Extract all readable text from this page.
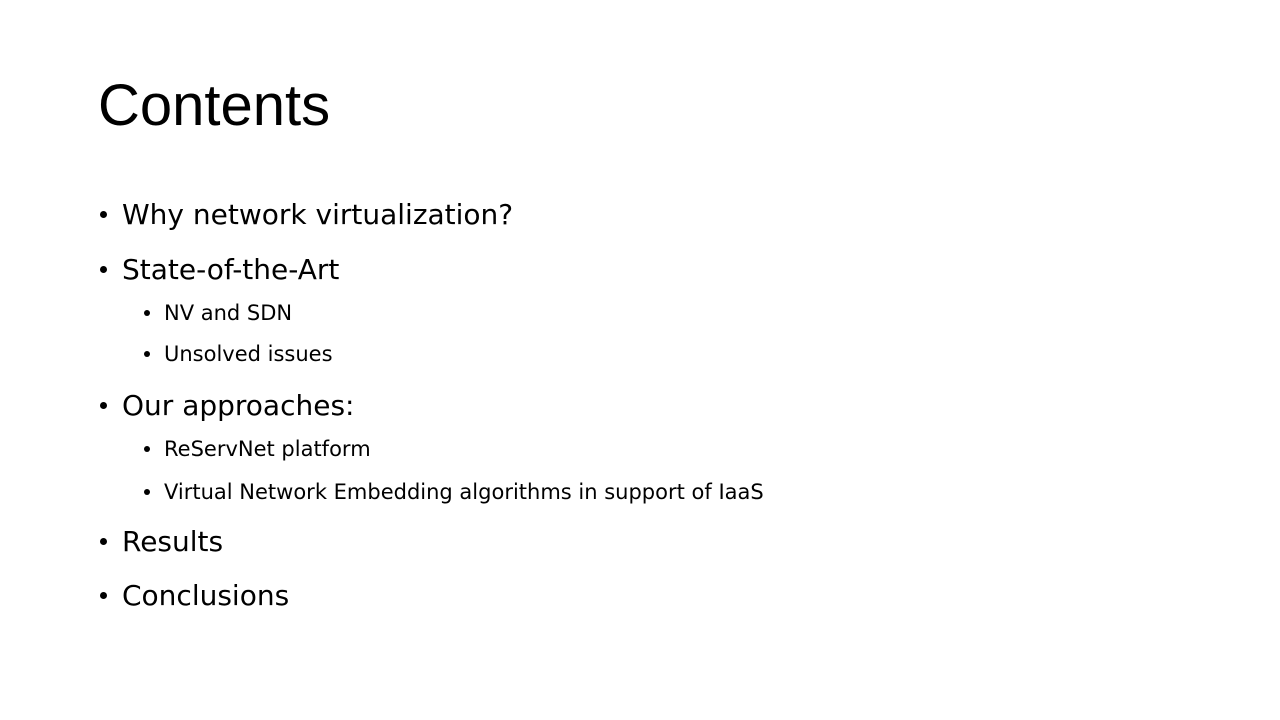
Contents
Why network virtualization?
State-of-the-Art
NV and SDN
Unsolved issues
Our approaches:
ReServNet platform
Virtual Network Embedding algorithms in support of IaaS
Results
Conclusions
